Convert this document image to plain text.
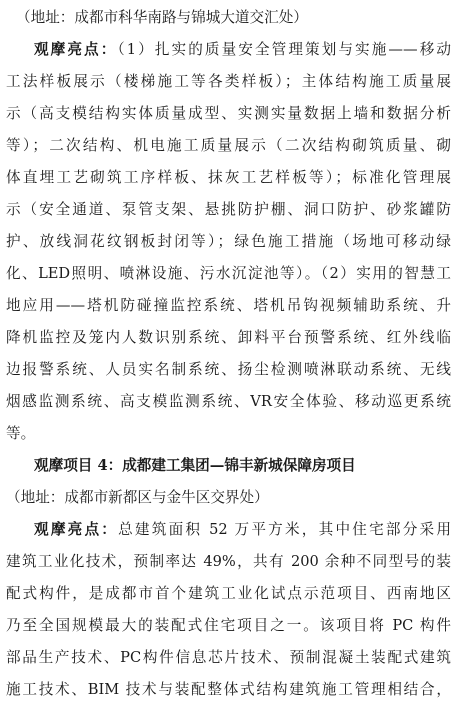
（地址：成都市科华南路与锦城大道交汇处）
观摩亮点：（1）扎实的质量安全管理策划与实施——移动
工法样板展示（楼梯施工等各类样板）；主体结构施工质量展
示（高支模结构实体质量成型、实测实量数据上墙和数据分析
等）；二次结构、机电施工质量展示（二次结构砌筑质量、砌
体直埋工艺砌筑工序样板、抹灰工艺样板等）；标准化管理展
示（安全通道、泵管支架、悬挑防护棚、洞口防护、砂浆罐防
护、放线洞花纹钢板封闭等）；绿色施工措施（场地可移动绿
化、LED照明、喷淋设施、污水沉淀池等）。（2）实用的智慧工
地应用——塔机防碰撞监控系统、塔机吊钩视频辅助系统、升
降机监控及笼内人数识别系统、卸料平台预警系统、红外线临
边报警系统、人员实名制系统、扬尘检测喷淋联动系统、无线
烟感监测系统、高支模监测系统、VR安全体验、移动巡更系统
等。
观摩项目 4：成都建工集团—锦丰新城保障房项目
（地址：成都市新都区与金牛区交界处）
观摩亮点：总建筑面积 52 万平方米，其中住宅部分采用
建筑工业化技术，预制率达 49%，共有 200 余种不同型号的装
配式构件，是成都市首个建筑工业化试点示范项目、西南地区
乃至全国规模最大的装配式住宅项目之一。该项目将 PC 构件
部品生产技术、PC构件信息芯片技术、预制混凝土装配式建筑
施工技术、BIM 技术与装配整体式结构建筑施工管理相结合，
